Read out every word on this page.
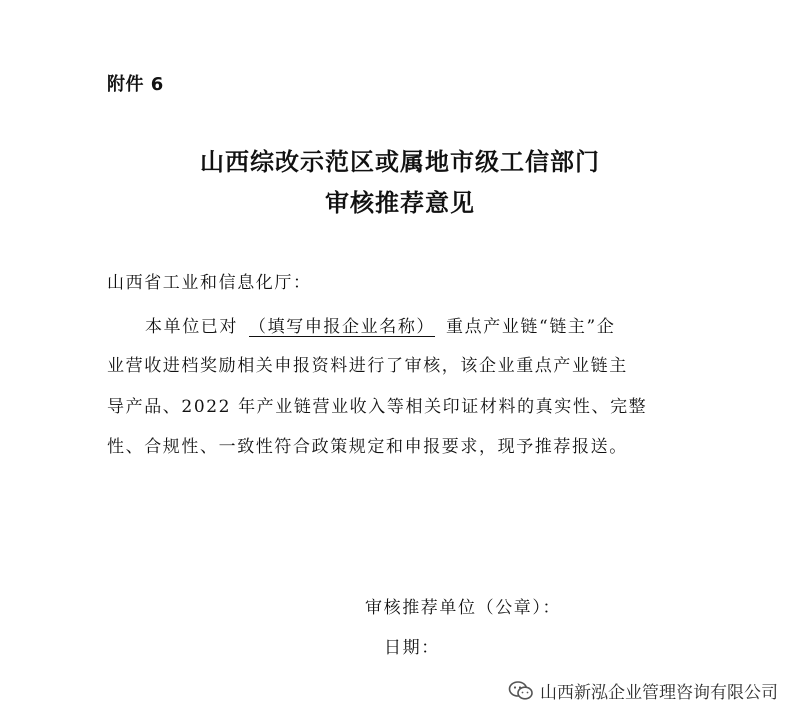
附件 6
山西综改示范区或属地市级工信部门
审核推荐意见
山西省工业和信息化厅：
本单位已对 （填写申报企业名称） 重点产业链“链主”企
业营收进档奖励相关申报资料进行了审核，该企业重点产业链主
导产品、2022 年产业链营业收入等相关印证材料的真实性、完整
性、合规性、一致性符合政策规定和申报要求，现予推荐报送。
审核推荐单位（公章）：
日期：
山西新泓企业管理咨询有限公司
